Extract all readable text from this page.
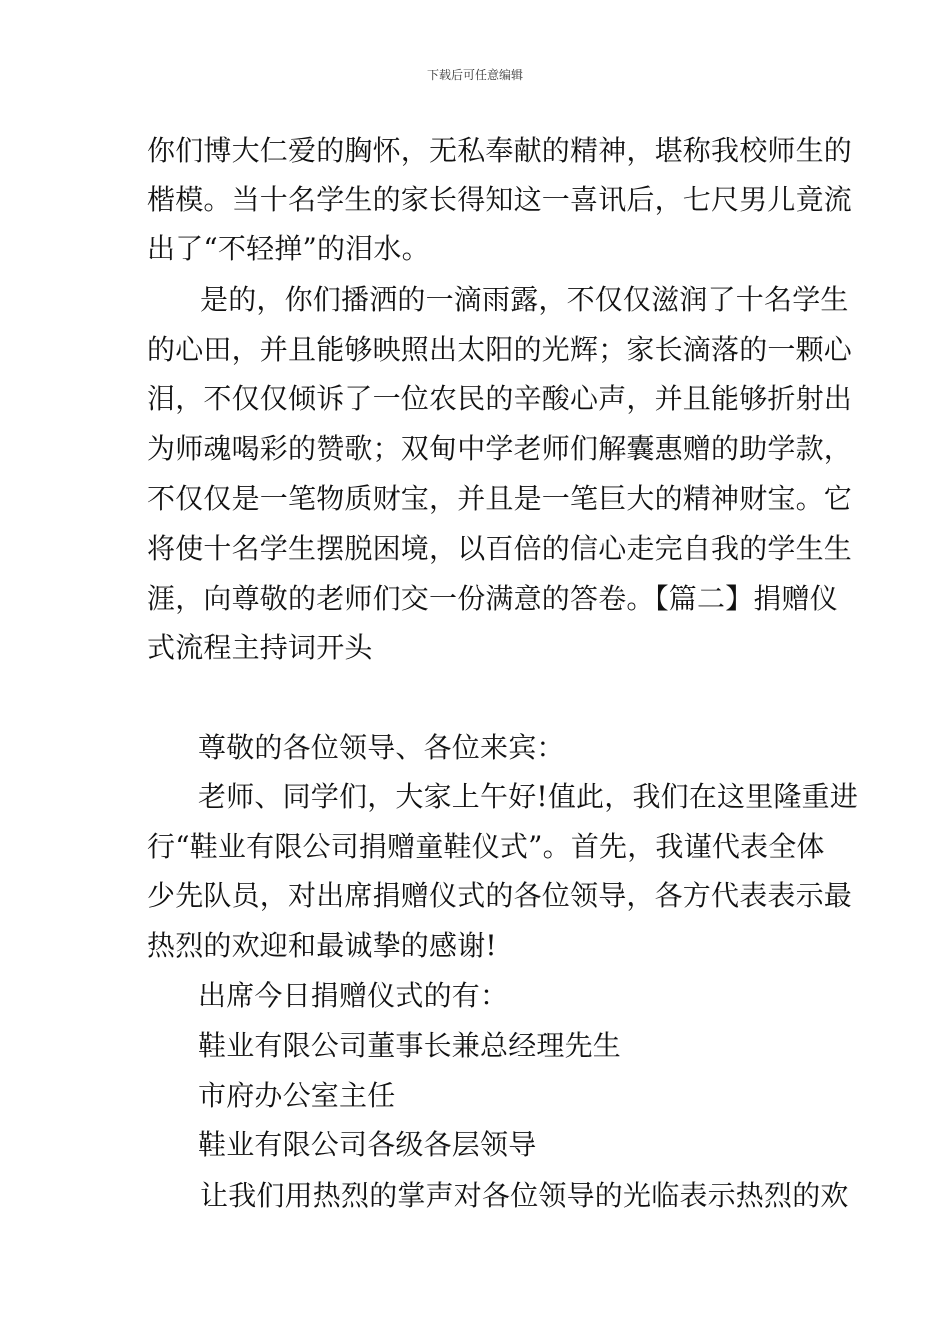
下载后可任意编辑
你们博大仁爱的胸怀，无私奉献的精神，堪称我校师生的
楷模。当十名学生的家长得知这一喜讯后，七尺男儿竟流
出了“不轻掸”的泪水。
是的，你们播洒的一滴雨露，不仅仅滋润了十名学生
的心田，并且能够映照出太阳的光辉；家长滴落的一颗心
泪，不仅仅倾诉了一位农民的辛酸心声，并且能够折射出
为师魂喝彩的赞歌；双甸中学老师们解囊惠赠的助学款，
不仅仅是一笔物质财宝，并且是一笔巨大的精神财宝。它
将使十名学生摆脱困境，以百倍的信心走完自我的学生生
涯，向尊敬的老师们交一份满意的答卷。【篇二】捐赠仪
式流程主持词开头
尊敬的各位领导、各位来宾：
老师、同学们，大家上午好!值此，我们在这里隆重进
行“鞋业有限公司捐赠童鞋仪式”。首先，我谨代表全体
少先队员，对出席捐赠仪式的各位领导，各方代表表示最
热烈的欢迎和最诚挚的感谢!
出席今日捐赠仪式的有：
鞋业有限公司董事长兼总经理先生
市府办公室主任
鞋业有限公司各级各层领导
让我们用热烈的掌声对各位领导的光临表示热烈的欢
